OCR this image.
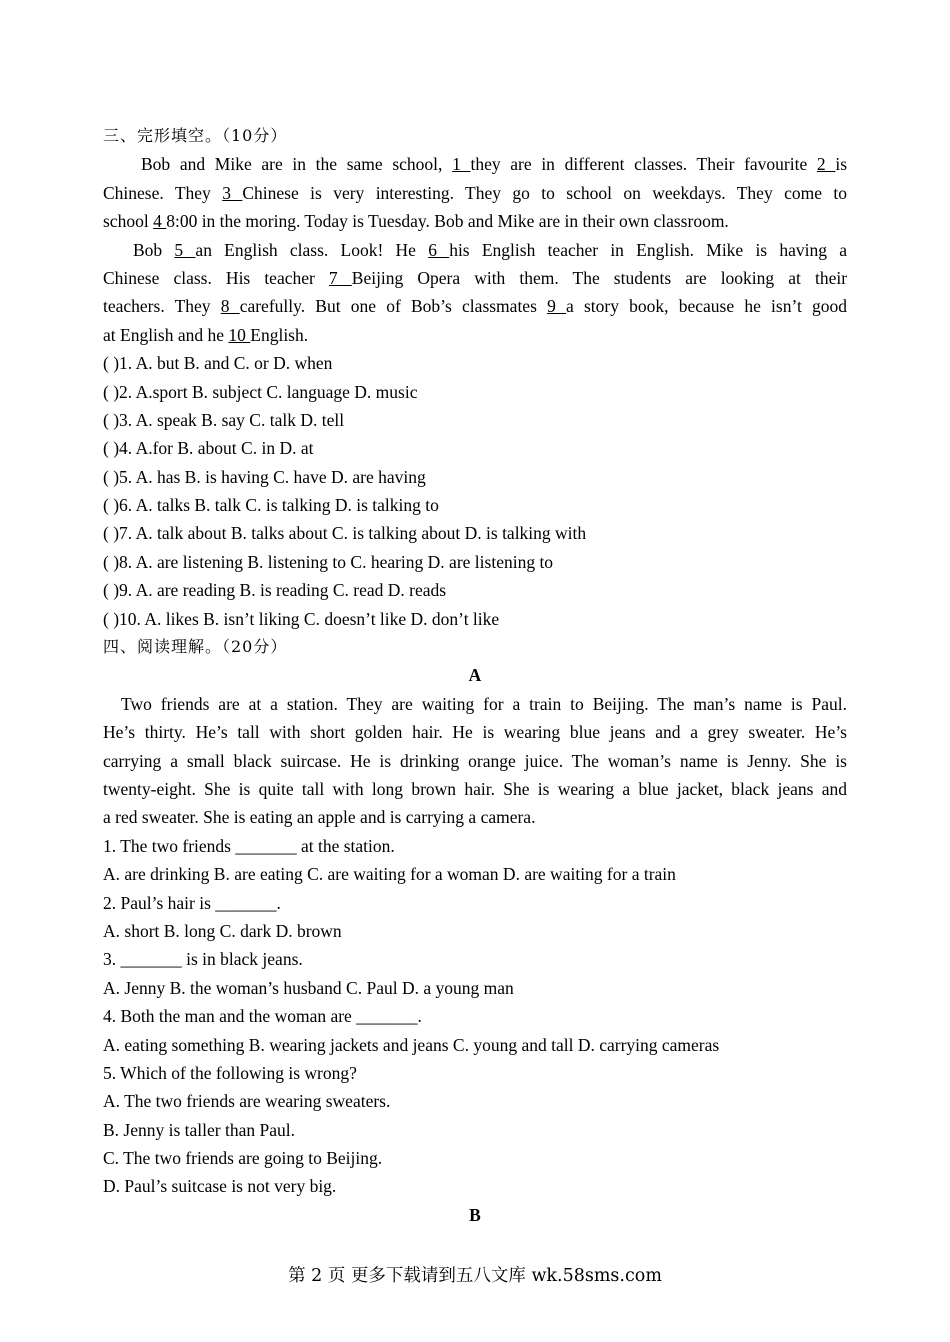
三、完形填空。（10分）
Bob and Mike are in the same school, 1 they are in different classes. Their favourite 2 is
Chinese. They 3 Chinese is very interesting. They go to school on weekdays. They come to
school 4 8:00 in the moring. Today is Tuesday. Bob and Mike are in their own classroom.
Bob 5 an English class. Look! He 6 his English teacher in English. Mike is having a
Chinese class. His teacher 7 Beijing Opera with them. The students are looking at their
teachers. They 8 carefully. But one of Bob’s classmates 9 a story book, because he isn’t good
at English and he 10 English.
( )1. A. but B. and C. or D. when
( )2. A.sport B. subject C. language D. music
( )3. A. speak B. say C. talk D. tell
( )4. A.for B. about C. in D. at
( )5. A. has B. is having C. have D. are having
( )6. A. talks B. talk C. is talking D. is talking to
( )7. A. talk about B. talks about C. is talking about D. is talking with
( )8. A. are listening B. listening to C. hearing D. are listening to
( )9. A. are reading B. is reading C. read D. reads
( )10. A. likes B. isn’t liking C. doesn’t like D. don’t like
四、阅读理解。（20分）
A
Two friends are at a station. They are waiting for a train to Beijing. The man’s name is Paul.
He’s thirty. He’s tall with short golden hair. He is wearing blue jeans and a grey sweater. He’s
carrying a small black suircase. He is drinking orange juice. The woman’s name is Jenny. She is
twenty-eight. She is quite tall with long brown hair. She is wearing a blue jacket, black jeans and
a red sweater. She is eating an apple and is carrying a camera.
1. The two friends _______ at the station.
A. are drinking B. are eating C. are waiting for a woman D. are waiting for a train
2. Paul’s hair is _______.
A. short B. long C. dark D. brown
3. _______ is in black jeans.
A. Jenny B. the woman’s husband C. Paul D. a young man
4. Both the man and the woman are _______.
A. eating something B. wearing jackets and jeans C. young and tall D. carrying cameras
5. Which of the following is wrong?
A. The two friends are wearing sweaters.
B. Jenny is taller than Paul.
C. The two friends are going to Beijing.
D. Paul’s suitcase is not very big.
B
第 2 页 更多下载请到五八文库 wk.58sms.com
